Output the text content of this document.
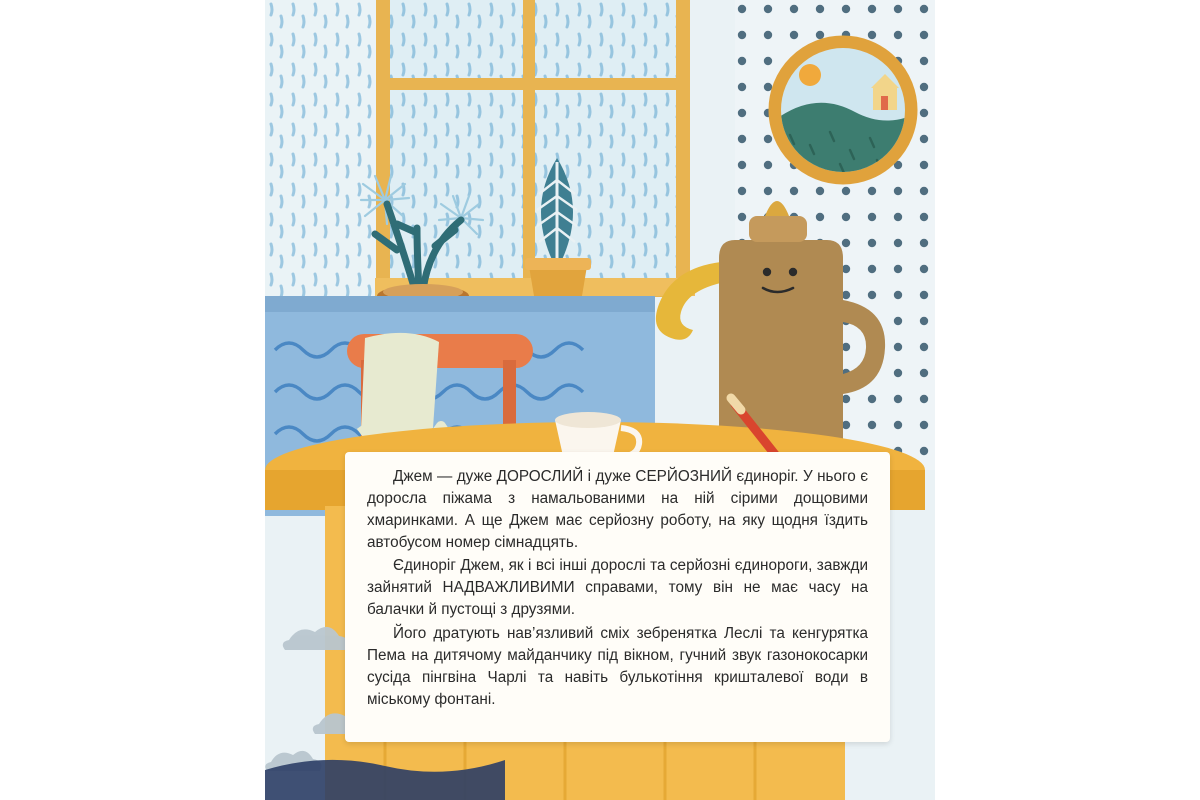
Джем — дуже ДОРОСЛИЙ і дуже СЕРЙОЗНИЙ єдиноріг. У нього є доросла піжама з намальованими на ній сірими дощовими хмаринками. А ще Джем має серйозну роботу, на яку щодня їздить автобусом номер сімнадцять.

Єдиноріг Джем, як і всі інші дорослі та серйозні єдинороги, завжди зайнятий НАДВАЖЛИВИМИ справами, тому він не має часу на балачки й пустощі з друзями.

Його дратують нав’язливий сміх зебренятка Леслі та кенгурятка Пема на дитячому майданчику під вікном, гучний звук газонокосарки сусіда пінгвіна Чарлі та навіть булькотіння кришталевої води в міському фонтані.
